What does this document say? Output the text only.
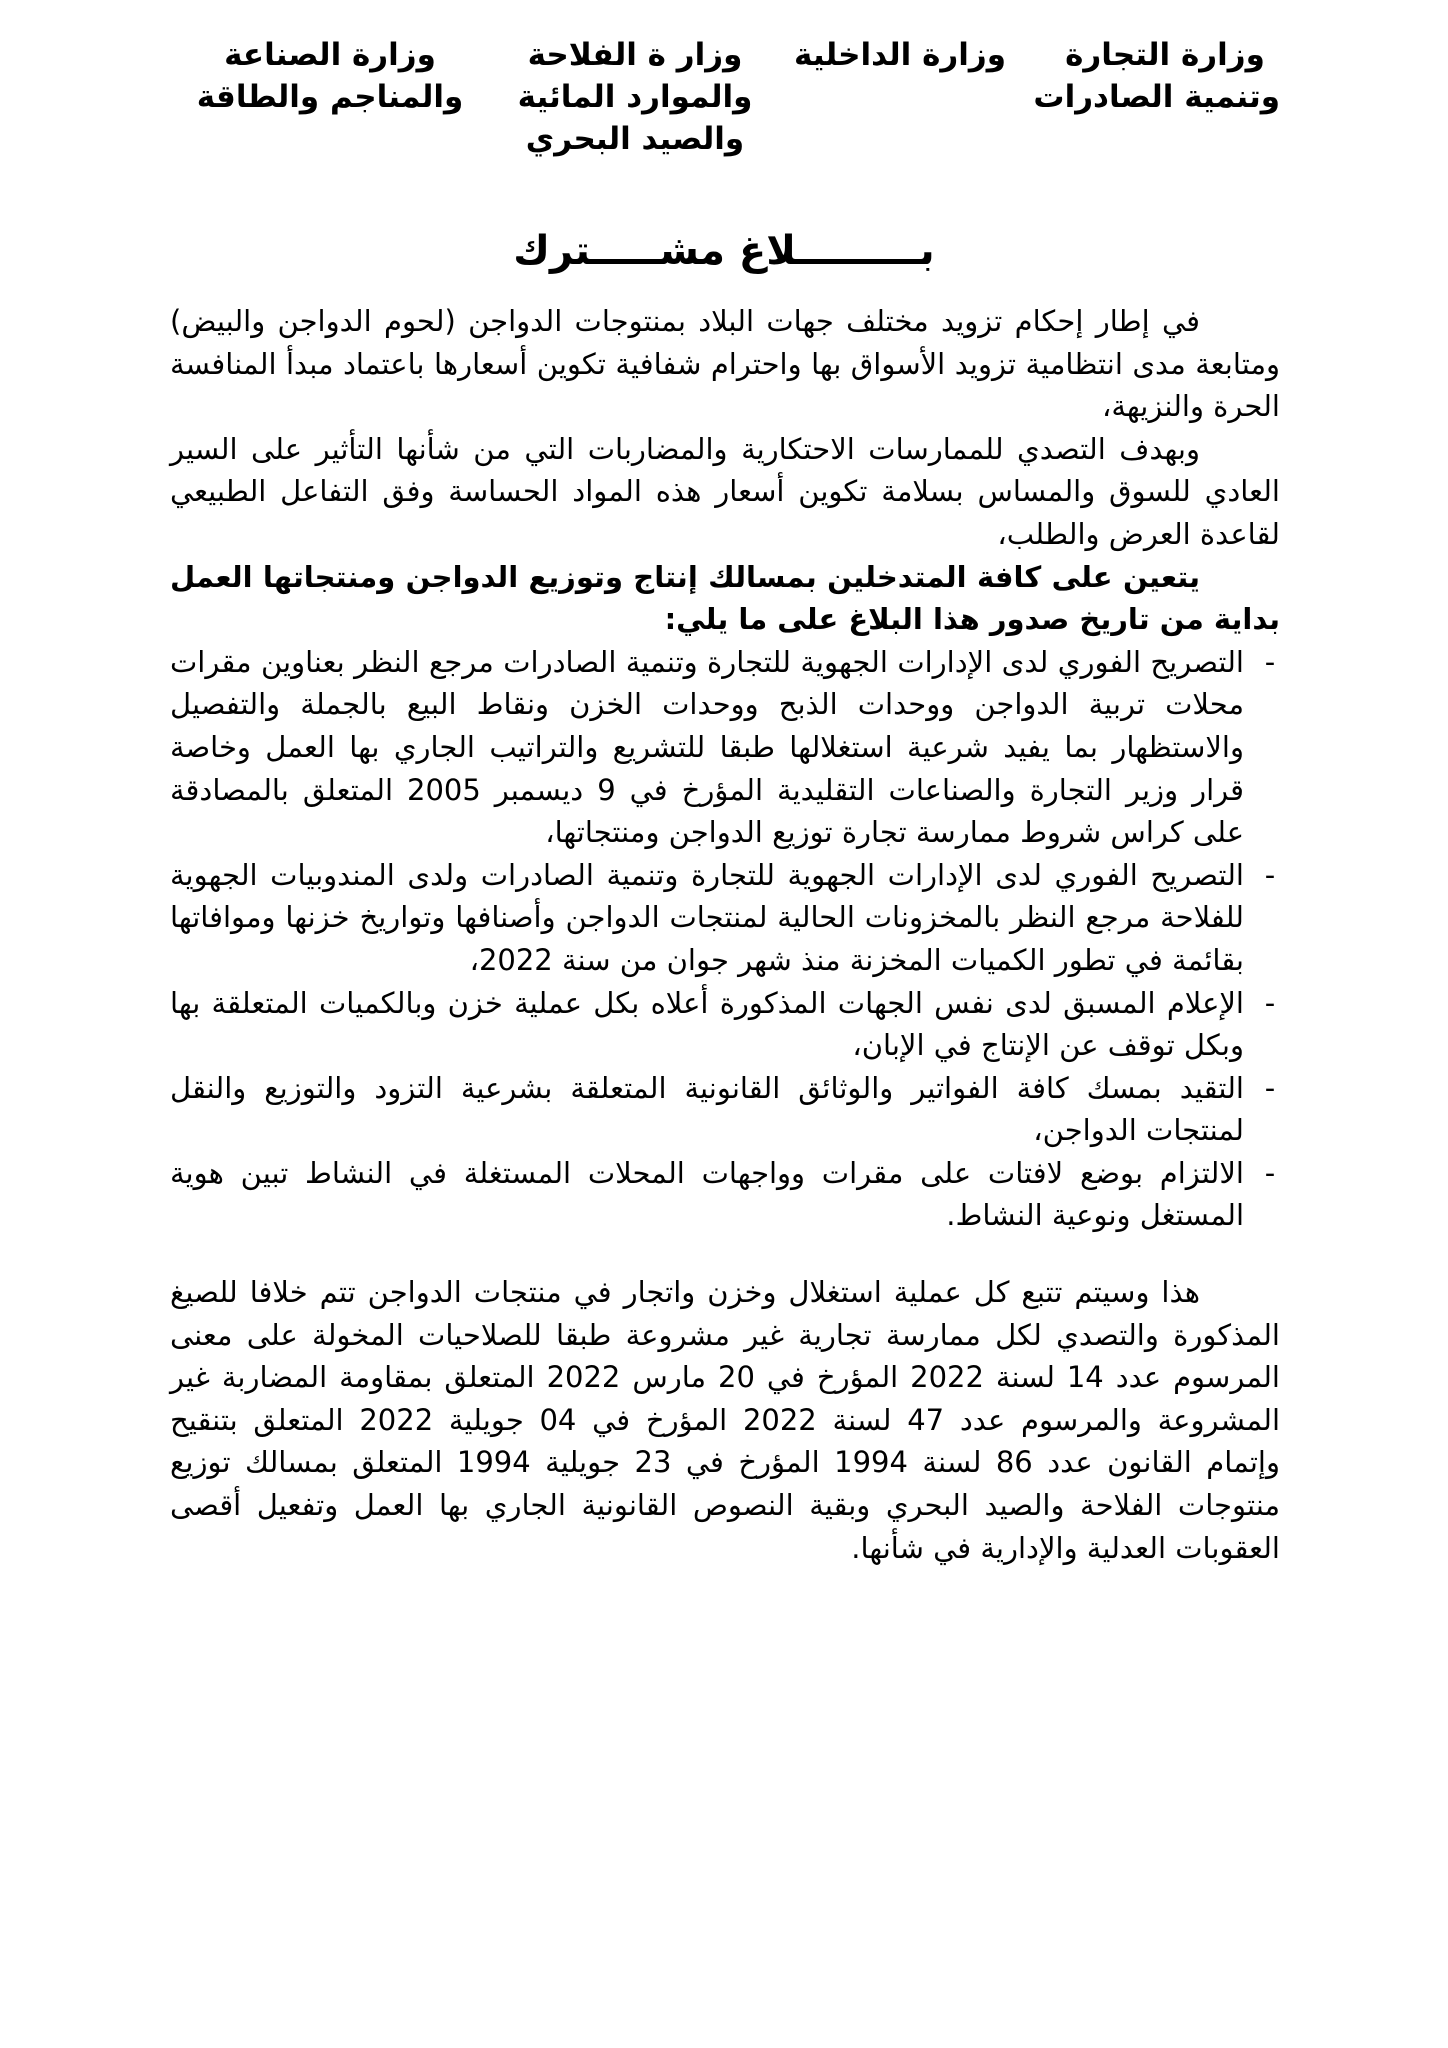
وزارة التجارة
وتنمية الصادرات
وزارة الداخلية
وزار ة الفلاحة
والموارد المائية
والصيد البحري
وزارة الصناعة
والمناجم والطاقة
بـــــــــلاغ مشـــــترك

في إطار إحكام تزويد مختلف جهات البلاد بمنتوجات الدواجن (لحوم الدواجن والبيض) ومتابعة مدى انتظامية تزويد الأسواق بها واحترام شفافية تكوين أسعارها باعتماد مبدأ المنافسة الحرة والنزيهة،

وبهدف التصدي للممارسات الاحتكارية والمضاربات التي من شأنها التأثير على السير العادي للسوق والمساس بسلامة تكوين أسعار هذه المواد الحساسة وفق التفاعل الطبيعي لقاعدة العرض والطلب،

يتعين على كافة المتدخلين بمسالك إنتاج وتوزيع الدواجن ومنتجاتها العمل بداية من تاريخ صدور هذا البلاغ على ما يلي:

-
التصريح الفوري لدى الإدارات الجهوية للتجارة وتنمية الصادرات مرجع النظر بعناوين مقرات محلات تربية الدواجن ووحدات الذبح ووحدات الخزن ونقاط البيع بالجملة والتفصيل والاستظهار بما يفيد شرعية استغلالها طبقا للتشريع والتراتيب الجاري بها العمل وخاصة قرار وزير التجارة والصناعات التقليدية المؤرخ في 9 ديسمبر 2005 المتعلق بالمصادقة على كراس شروط ممارسة تجارة توزيع الدواجن ومنتجاتها،
-
التصريح الفوري لدى الإدارات الجهوية للتجارة وتنمية الصادرات ولدى المندوبيات الجهوية للفلاحة مرجع النظر بالمخزونات الحالية لمنتجات الدواجن وأصنافها وتواريخ خزنها وموافاتها بقائمة في تطور الكميات المخزنة منذ شهر جوان من سنة 2022،
-
الإعلام المسبق لدى نفس الجهات المذكورة أعلاه بكل عملية خزن وبالكميات المتعلقة بها وبكل توقف عن الإنتاج في الإبان،
-
التقيد بمسك كافة الفواتير والوثائق القانونية المتعلقة بشرعية التزود والتوزيع والنقل لمنتجات الدواجن،
-
الالتزام بوضع لافتات على مقرات وواجهات المحلات المستغلة في النشاط تبين هوية المستغل ونوعية النشاط.

هذا وسيتم تتبع كل عملية استغلال وخزن واتجار في منتجات الدواجن تتم خلافا للصيغ المذكورة والتصدي لكل ممارسة تجارية غير مشروعة طبقا للصلاحيات المخولة على معنى المرسوم عدد 14 لسنة 2022 المؤرخ في 20 مارس 2022 المتعلق بمقاومة المضاربة غير المشروعة والمرسوم عدد 47 لسنة 2022 المؤرخ في 04 جويلية 2022 المتعلق بتنقيح وإتمام القانون عدد 86 لسنة 1994 المؤرخ في 23 جويلية 1994 المتعلق بمسالك توزيع منتوجات الفلاحة والصيد البحري وبقية النصوص القانونية الجاري بها العمل وتفعيل أقصى العقوبات العدلية والإدارية في شأنها.
